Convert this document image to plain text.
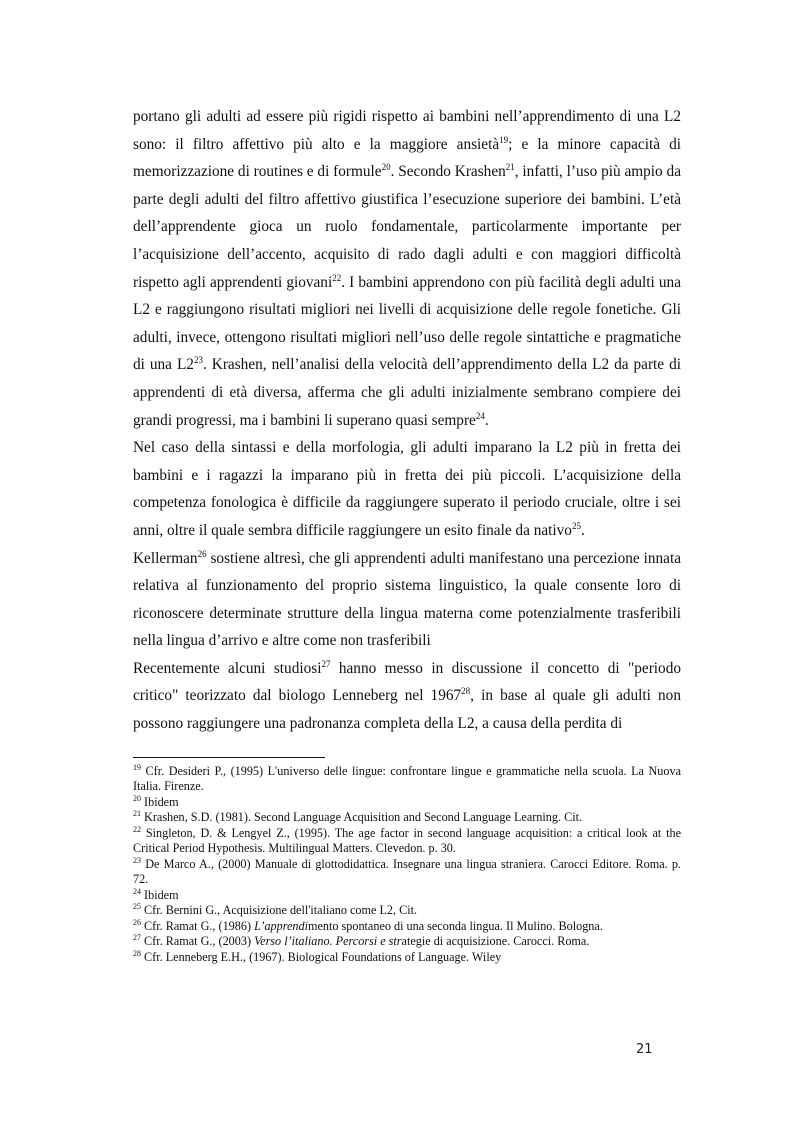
portano gli adulti ad essere più rigidi rispetto ai bambini nell’apprendimento di una L2 sono: il filtro affettivo più alto e la maggiore ansietà$^{19}$; e la minore capacità di memorizzazione di routines e di formule$^{20}$. Secondo Krashen$^{21}$, infatti, l’uso più ampio da parte degli adulti del filtro affettivo giustifica l’esecuzione superiore dei bambini. L’età dell’apprendente gioca un ruolo fondamentale, particolarmente importante per l’acquisizione dell’accento, acquisito di rado dagli adulti e con maggiori difficoltà rispetto agli apprendenti giovani$^{22}$. I bambini apprendono con più facilità degli adulti una L2 e raggiungono risultati migliori nei livelli di acquisizione delle regole fonetiche. Gli adulti, invece, ottengono risultati migliori nell’uso delle regole sintattiche e pragmatiche di una $L2^{23}$. Krashen, nell’analisi della velocità dell’apprendimento della L2 da parte di apprendenti di età diversa, afferma che gli adulti inizialmente sembrano compiere dei grandi progressi, ma i bambini li superano quasi sempre$^{24}$.

Nel caso della sintassi e della morfologia, gli adulti imparano la L2 più in fretta dei bambini e i ragazzi la imparano più in fretta dei più piccoli. L’acquisizione della competenza fonologica è difficile da raggiungere superato il periodo cruciale, oltre i sei anni, oltre il quale sembra difficile raggiungere un esito finale da nativo$^{25}$.

Kellerman$^{26}$ sostiene altresì, che gli apprendenti adulti manifestano una percezione innata relativa al funzionamento del proprio sistema linguistico, la quale consente loro di riconoscere determinate strutture della lingua materna come potenzialmente trasferibili nella lingua d’arrivo e altre come non trasferibili

Recentemente alcuni studiosi$^{27}$ hanno messo in discussione il concetto di "periodo critico" teorizzato dal biologo Lenneberg nel 1967$^{28}$, in base al quale gli adulti non possono raggiungere una padronanza completa della L2, a causa della perdita di

$^{19}$ Cfr. Desideri P., (1995) L'universo delle lingue: confrontare lingue e grammatiche nella scuola. La Nuova Italia. Firenze.
$^{20}$ Ibidem
$^{21}$ Krashen, S.D. (1981). Second Language Acquisition and Second Language Learning. Cit.
$^{22}$ Singleton, D. & Lengyel Z., (1995). The age factor in second language acquisition: a critical look at the Critical Period Hypothesis. Multilingual Matters. Clevedon. p. 30.
$^{23}$ De Marco A., (2000) Manuale di glottodidattica. Insegnare una lingua straniera. Carocci Editore. Roma. p. 72.
$^{24}$ Ibidem
$^{25}$ Cfr. Bernini G., Acquisizione dell'italiano come L2, Cit.
$^{26}$ Cfr. Ramat G., (1986) L’apprendimento spontaneo di una seconda lingua. Il Mulino. Bologna.
$^{27}$ Cfr. Ramat G., (2003) Verso l’italiano. Percorsi e strategie di acquisizione. Carocci. Roma.
$^{28}$ Cfr. Lenneberg E.H., (1967). Biological Foundations of Language. Wiley
21
